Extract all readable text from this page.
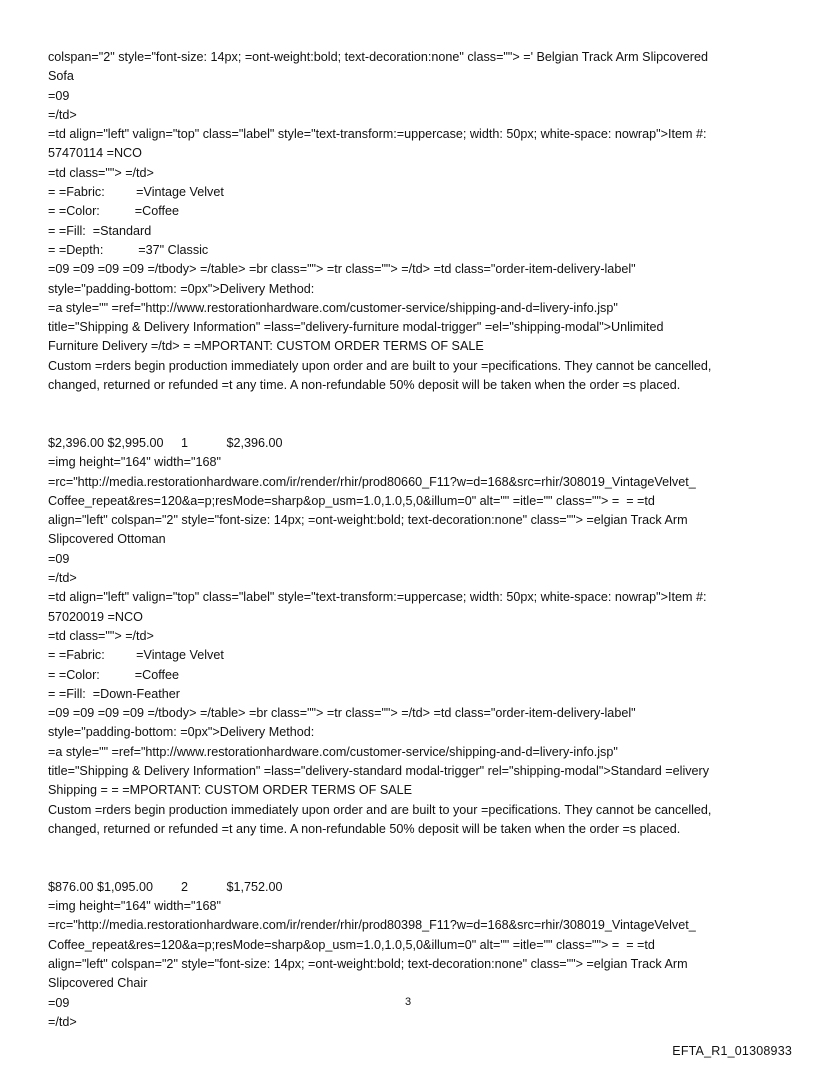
colspan="2" style="font-size: 14px; =ont-weight:bold; text-decoration:none" class=""> =' Belgian Track Arm Slipcovered
Sofa
=09
=/td>
=td align="left" valign="top" class="label" style="text-transform:=uppercase; width: 50px; white-space: nowrap">Item #:
57470114 =NCO
=td class=""> =/td>
= =Fabric:         =Vintage Velvet
= =Color:          =Coffee
= =Fill:  =Standard
= =Depth:          =37" Classic
=09 =09 =09 =09 =/tbody> =/table> =br class=""> =tr class=""> =/td> =td class="order-item-delivery-label"
style="padding-bottom: =0px">Delivery Method:
=a style="" =ref="http://www.restorationhardware.com/customer-service/shipping-and-d=livery-info.jsp"
title="Shipping & Delivery Information" =lass="delivery-furniture modal-trigger" =el="shipping-modal">Unlimited
Furniture Delivery =/td> = =MPORTANT: CUSTOM ORDER TERMS OF SALE
Custom =rders begin production immediately upon order and are built to your =pecifications. They cannot be cancelled,
changed, returned or refunded =t any time. A non-refundable 50% deposit will be taken when the order =s placed.
$2,396.00 $2,995.00     1           $2,396.00
=img height="164" width="168"
=rc="http://media.restorationhardware.com/ir/render/rhir/prod80660_F11?w=d=168&src=rhir/308019_VintageVelvet_
Coffee_repeat&res=120&a=p;resMode=sharp&op_usm=1.0,1.0,5,0&illum=0" alt="" =itle="" class=""> =  = =td
align="left" colspan="2" style="font-size: 14px; =ont-weight:bold; text-decoration:none" class=""> =elgian Track Arm
Slipcovered Ottoman
=09
=/td>
=td align="left" valign="top" class="label" style="text-transform:=uppercase; width: 50px; white-space: nowrap">Item #:
57020019 =NCO
=td class=""> =/td>
= =Fabric:         =Vintage Velvet
= =Color:          =Coffee
= =Fill:  =Down-Feather
=09 =09 =09 =09 =/tbody> =/table> =br class=""> =tr class=""> =/td> =td class="order-item-delivery-label"
style="padding-bottom: =0px">Delivery Method:
=a style="" =ref="http://www.restorationhardware.com/customer-service/shipping-and-d=livery-info.jsp"
title="Shipping & Delivery Information" =lass="delivery-standard modal-trigger" rel="shipping-modal">Standard =elivery
Shipping = = =MPORTANT: CUSTOM ORDER TERMS OF SALE
Custom =rders begin production immediately upon order and are built to your =pecifications. They cannot be cancelled,
changed, returned or refunded =t any time. A non-refundable 50% deposit will be taken when the order =s placed.
$876.00 $1,095.00        2           $1,752.00
=img height="164" width="168"
=rc="http://media.restorationhardware.com/ir/render/rhir/prod80398_F11?w=d=168&src=rhir/308019_VintageVelvet_
Coffee_repeat&res=120&a=p;resMode=sharp&op_usm=1.0,1.0,5,0&illum=0" alt="" =itle="" class=""> =  = =td
align="left" colspan="2" style="font-size: 14px; =ont-weight:bold; text-decoration:none" class=""> =elgian Track Arm
Slipcovered Chair
=09
=/td>
3
EFTA_R1_01308933
